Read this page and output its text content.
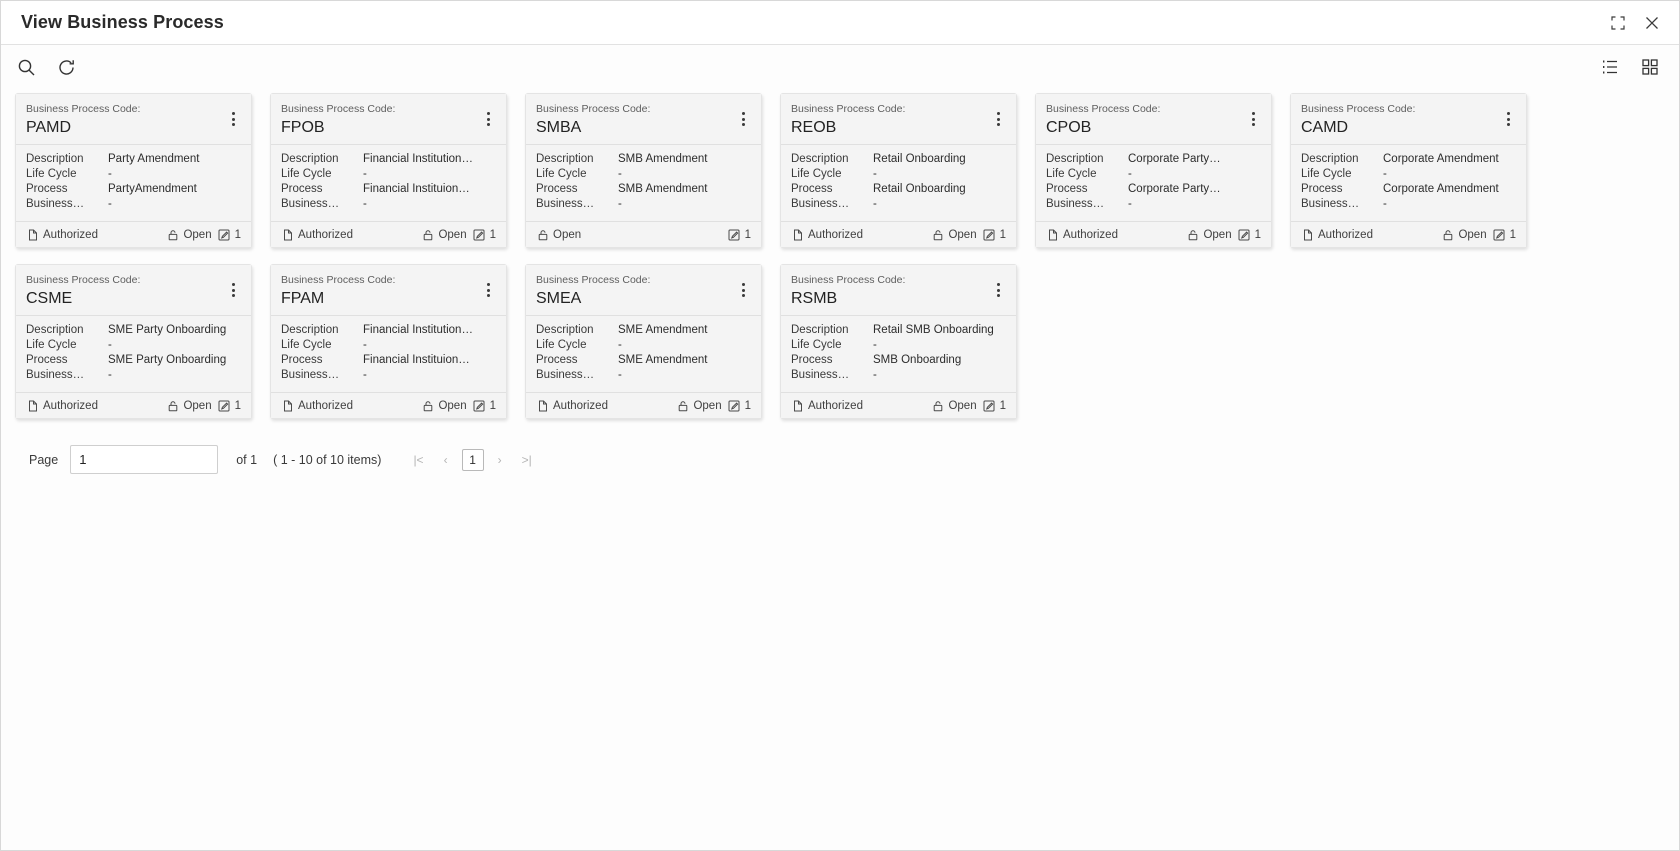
View Business Process
Business Process Code:
PAMD
Description	Party Amendment
Life Cycle	-
Process	PartyAmendment
Business…	-
Authorized	Open 1
Business Process Code:
FPOB
Description	Financial Institution…
Life Cycle	-
Process	Financial Instituion…
Business…	-
Authorized	Open 1
Business Process Code:
SMBA
Description	SMB Amendment
Life Cycle	-
Process	SMB Amendment
Business…	-
Open	1
Business Process Code:
REOB
Description	Retail Onboarding
Life Cycle	-
Process	Retail Onboarding
Business…	-
Authorized	Open 1
Business Process Code:
CPOB
Description	Corporate Party…
Life Cycle	-
Process	Corporate Party…
Business…	-
Authorized	Open 1
Business Process Code:
CAMD
Description	Corporate Amendment
Life Cycle	-
Process	Corporate Amendment
Business…	-
Authorized	Open 1
Business Process Code:
CSME
Description	SME Party Onboarding
Life Cycle	-
Process	SME Party Onboarding
Business…	-
Authorized	Open 1
Business Process Code:
FPAM
Description	Financial Institution…
Life Cycle	-
Process	Financial Instituion…
Business…	-
Authorized	Open 1
Business Process Code:
SMEA
Description	SME Amendment
Life Cycle	-
Process	SME Amendment
Business…	-
Authorized	Open 1
Business Process Code:
RSMB
Description	Retail SMB Onboarding
Life Cycle	-
Process	SMB Onboarding
Business…	-
Authorized	Open 1
Page
1	of 1 ( 1 - 10 of 10 items)	|<	‹	1	›	>|
